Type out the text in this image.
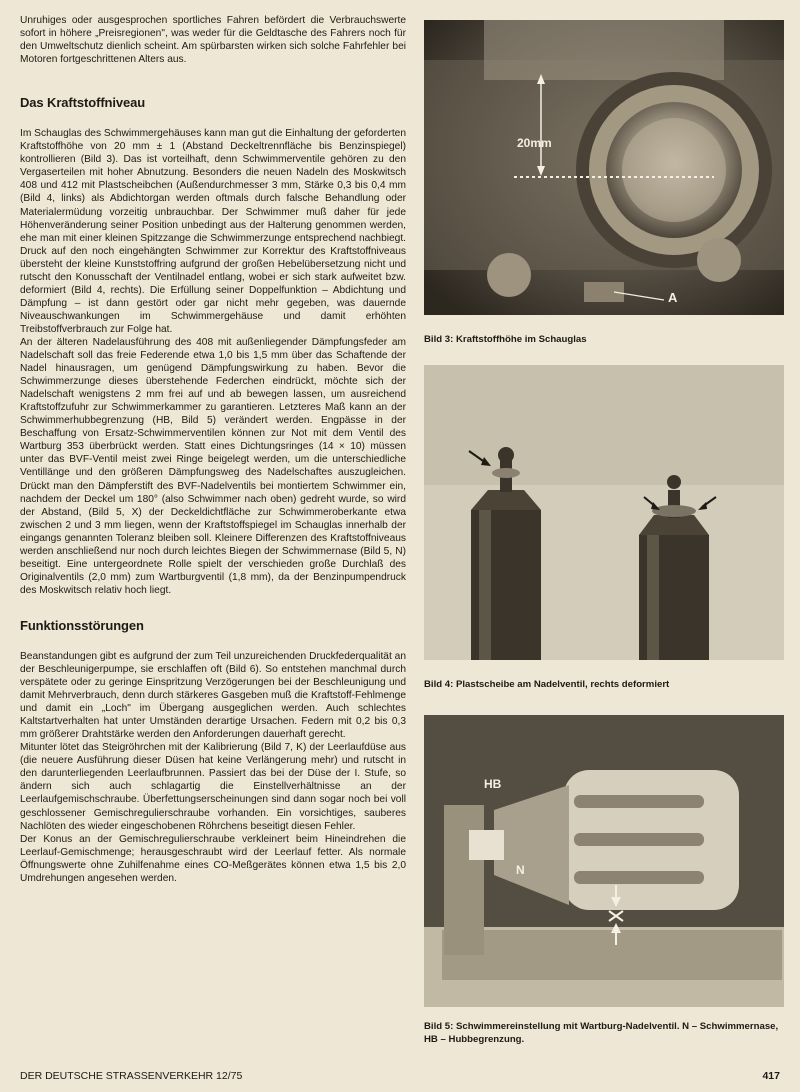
Unruhiges oder ausgesprochen sportliches Fahren befördert die Verbrauchswerte sofort in höhere „Preisregionen", was weder für die Geldtasche des Fahrers noch für den Umweltschutz dienlich scheint. Am spürbarsten wirken sich solche Fahrfehler bei Motoren fortgeschrittenen Alters aus.

Das Kraftstoffniveau

Im Schauglas des Schwimmergehäuses kann man gut die Einhaltung der geforderten Kraftstoffhöhe von 20 mm ± 1 (Abstand Deckeltrennfläche bis Benzinspiegel) kontrollieren (Bild 3). Das ist vorteilhaft, denn Schwimmerventile gehören zu den Vergaserteilen mit hoher Abnutzung. Besonders die neuen Nadeln des Moskwitsch 408 und 412 mit Plastscheibchen (Außendurchmesser 3 mm, Stärke 0,3 bis 0,4 mm (Bild 4, links) als Abdichtorgan werden oftmals durch falsche Behandlung oder Materialermüdung vorzeitig unbrauchbar. Der Schwimmer muß daher für jede Höhenveränderung seiner Position unbedingt aus der Halterung genommen werden, ehe man mit einer kleinen Spitzzange die Schwimmerzunge entsprechend nachbiegt. Druck auf den noch eingehängten Schwimmer zur Korrektur des Kraftstoffniveaus übersteht der kleine Kunststoffring aufgrund der großen Hebelübersetzung nicht und rutscht den Konusschaft der Ventilnadel entlang, wobei er sich stark aufweitet bzw. deformiert (Bild 4, rechts). Die Erfüllung seiner Doppelfunktion – Abdichtung und Dämpfung – ist dann gestört oder gar nicht mehr gegeben, was dauernde Niveauschwankungen im Schwimmergehäuse und damit erhöhten Treibstoffverbrauch zur Folge hat.

An der älteren Nadelausführung des 408 mit außenliegender Dämpfungsfeder am Nadelschaft soll das freie Federende etwa 1,0 bis 1,5 mm über das Schaftende der Nadel hinausragen, um genügend Dämpfungswirkung zu haben. Bevor die Schwimmerzunge dieses überstehende Federchen eindrückt, möchte sich der Nadelschaft wenigstens 2 mm frei auf und ab bewegen lassen, um ausreichend Kraftstoffzufuhr zur Schwimmerkammer zu garantieren. Letzteres Maß kann an der Schwimmerhubbegrenzung (HB, Bild 5) verändert werden. Engpässe in der Beschaffung von Ersatz-Schwimmerventilen können zur Not mit dem Ventil des Wartburg 353 überbrückt werden. Statt eines Dichtungsringes (14 × 10) müssen unter das BVF-Ventil meist zwei Ringe beigelegt werden, um die unterschiedliche Ventillänge und den größeren Dämpfungsweg des Nadelschaftes auszugleichen. Drückt man den Dämpferstift des BVF-Nadelventils bei montiertem Schwimmer ein, nachdem der Deckel um 180° (also Schwimmer nach oben) gedreht wurde, so wird der Abstand, (Bild 5, X) der Deckeldichtfläche zur Schwimmeroberkante etwa zwischen 2 und 3 mm liegen, wenn der Kraftstoffspiegel im Schauglas innerhalb der eingangs genannten Toleranz bleiben soll. Kleinere Differenzen des Kraftstoffniveaus werden anschließend nur noch durch leichtes Biegen der Schwimmernase (Bild 5, N) beseitigt. Eine untergeordnete Rolle spielt der verschieden große Durchlaß des Originalventils (2,0 mm) zum Wartburgventil (1,8 mm), da der Benzinpumpendruck des Moskwitsch relativ hoch liegt.

Funktionsstörungen

Beanstandungen gibt es aufgrund der zum Teil unzureichenden Druckfederqualität an der Beschleunigerpumpe, sie erschlaffen oft (Bild 6). So entstehen manchmal durch verspätete oder zu geringe Einspritzung Verzögerungen bei der Beschleunigung und damit Mehrverbrauch, denn durch stärkeres Gasgeben muß die Kraftstoff-Fehlmenge und damit ein „Loch" im Übergang ausgeglichen werden. Auch schlechtes Kaltstartverhalten hat unter Umständen derartige Ursachen. Federn mit 0,2 bis 0,3 mm größerer Drahtstärke werden den Anforderungen dauerhaft gerecht.

Mitunter lötet das Steigröhrchen mit der Kalibrierung (Bild 7, K) der Leerlaufdüse aus (die neuere Ausführung dieser Düsen hat keine Verlängerung mehr) und rutscht in den darunterliegenden Leerlaufbrunnen. Passiert das bei der Düse der I. Stufe, so ändern sich auch schlagartig die Einstellverhältnisse an der Leerlaufgemischschraube. Überfettungserscheinungen sind dann sogar noch bei voll geschlossener Gemischregulierschraube vorhanden. Ein vorsichtiges, sauberes Nachlöten des wieder eingeschobenen Röhrchens beseitigt diesen Fehler.

Der Konus an der Gemischregulierschraube verkleinert beim Hineindrehen die Leerlauf-Gemischmenge; herausgeschraubt wird der Leerlauf fetter. Als normale Öffnungswerte ohne Zuhilfenahme eines CO-Meßgerätes können etwa 1,5 bis 2,0 Umdrehungen angesehen werden.

20mm
A
Bild 3: Kraftstoffhöhe im Schauglas
Bild 4: Plastscheibe am Nadelventil, rechts deformiert
HB
N
Bild 5: Schwimmereinstellung mit Wartburg-Nadelventil. N – Schwimmernase, HB – Hubbegrenzung.
DER DEUTSCHE STRASSENVERKEHR 12/75	417
